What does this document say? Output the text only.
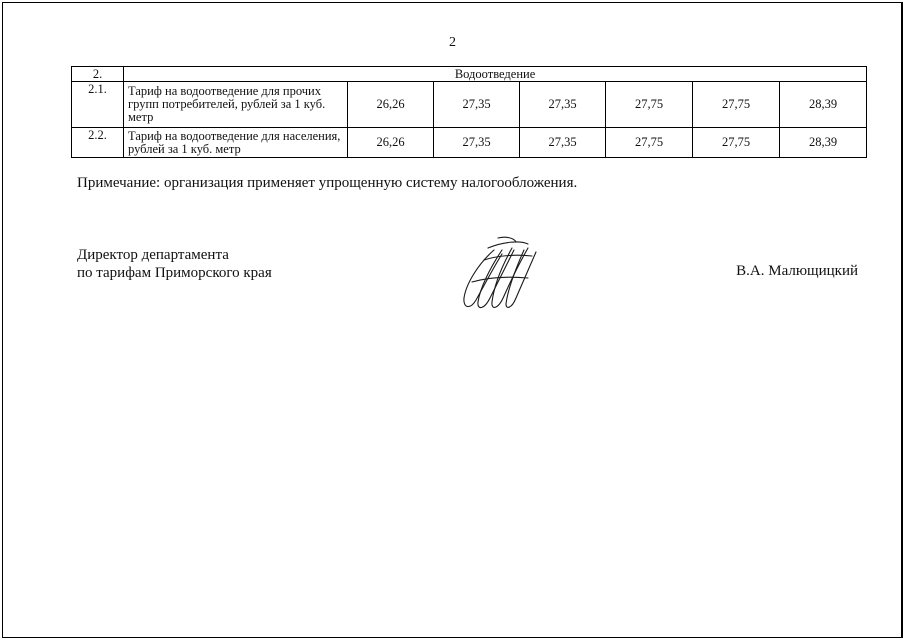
2
2.	Водоотведение						
2.1.	Тариф на водоотведение для прочих групп потребителей, рублей за 1 куб. метр	26,26	27,35	27,35	27,75	27,75	28,39
2.2.	Тариф на водоотведение для населения, рублей за 1 куб. метр	26,26	27,35	27,35	27,75	27,75	28,39
Примечание: организация применяет упрощенную систему налогообложения.
Директор департамента
по тарифам Приморского края	В.А. Малющицкий
